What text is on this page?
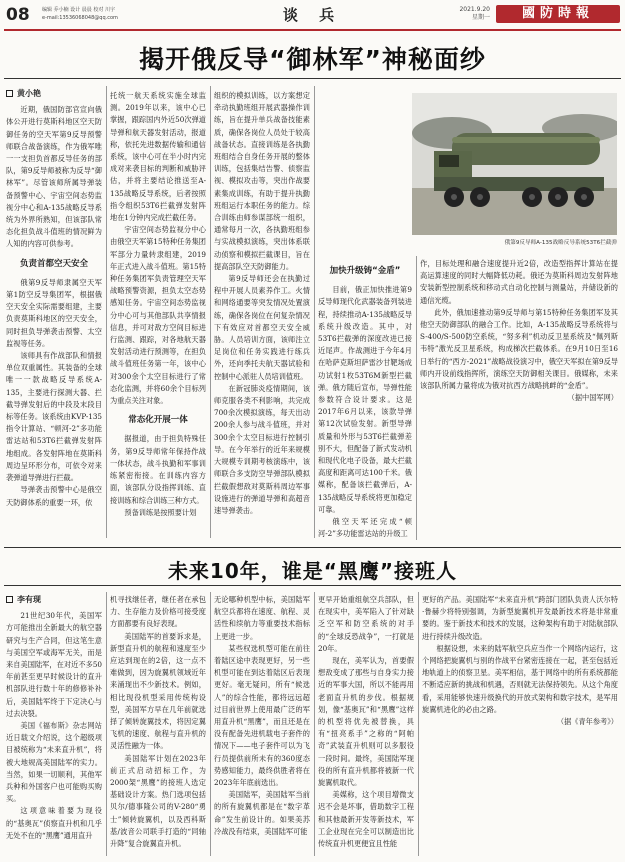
08 编辑 乔小楠 设计 晨晨 校对 川宇
e-mail:13536068048@qq.com	谈 兵	2021.9.20
星期一	國防時報
揭开俄反导“御林军”神秘面纱

黄小艳

近期，俄国防部官宣向俄体公开进行莫斯科地区空天防御任务的空天军第9反导预警师联合战备演练，作为俄军唯一一支担负首都反导任务的部队，第9反导师被称为反导“御林军”。尽管该师所属导弹装备预警中心、宇宙空间态势监视分中心和A-135战略反导系统为外界所熟知，但该部队常态化担负战斗值班的情况鲜为人知的内容可供参考。

负责首都空天安全

俄第9反导师隶属空天军第1防空反导集团军，根据俄空天安全实际需要组建，主要负责莫斯科地区的空天安全，同时担负导弹袭击预警、太空监视等任务。

该师具有作战部队和情报单位双重属性。其装备的全球唯一一款战略反导系统A-135，主要进行探测大器、拦截导弹发射后的中段及末段目标等任务。该系统由KVP-135指令计算站、“顿河-2”多功能雷达站和53T6拦截弹发射阵地组成。各发射阵地在莫斯科周边呈环形分布，可依令对来袭弹道导弹进行拦截。

导弹袭击预警中心是俄空天防御体系的重要一环，依

托统一航天系统实施全球监测。2019年以来，该中心已掌握，跟踪国内外近50次弹道导弹和航天器发射活动，报道称，依托先进数据传输和通信系统，该中心可在半小时内完成对来袭目标的判断和威胁评估，并将主要结论推送至A-135战略反导系统，后者按照指令组织53T6拦截弹发射阵地在1分钟内完成拦截任务。

宇宙空间态势监视分中心由俄空天军第15特种任务集团军部分力量转隶组建，2019年正式进入战斗值班。第15特种任务集团军负责管理空天军战略预警资源，担负太空态势感知任务。宇宙空间态势监视分中心可与其他部队共享情报信息，并可对敌方空间目标进行监测、跟踪，对各地航天器发射活动进行预测等，在担负战斗值班任务第一年，该中心对300余个太空目标进行了常态化监测，并将60余个目标列为重点关注对象。

常态化开展一体

据报道，由于担负特殊任务，第9反导师常年保持作战一体状态，战斗执勤和军事训练紧密衔接。在训练内容方面，该部队分设指挥训练、直接训练和综合训练三种方式。

预备训练是按照要计划

组织的模拟训练，以方案想定牵动执勤班组开展武器操作训练，旨在提升单兵战备技能素质，确保各岗位人员处于较高战备状态。直接训练是各执勤班组结合自身任务开展的整体训练，包括集结告警、侦察监视、模拟攻击等，突出作战要素集成训练，有助于提升执勤班组运行本职任务的能力。综合训练由师参谋部统一组织，通常每月一次，各执勤班组参与实战模拟演练，突出体系联动侦察和模拟拦截课目，旨在提高部队空天防御能力。

第9反导师还会在执勤过程中开展人员素养作工。火情和网络通要等突发情况处置演练，确保各岗位在何复杂情况下有效应对首都空天安全威胁。人员培训方面，该师注立足岗位和任务实践进行练兵外，还向季托夫航天器试验和控制中心派驻人员培训值班。

在新冠肺炎疫情期间，该师克服各类不利影响，共完成700余次模拟演练，每天出动200余人参与战斗值班，并对300余个太空目标进行控制引导。在今年举行的近年来规模大规模专训期考核演练中，该师联合多支防空导弹部队模拟拦截假想敌对莫斯科周边军事设施进行的弹道导弹和高超音速导弹袭击。

俄第9反导师A-135战略反导系统53T6拦截弹

加快升级铸“金盾”

目前，俄正加快推进第9反导师现代化武器装备列装进程，持续推动A-135战略反导系统升级改造。其中，对53T6拦截弹的深度改进已接近尾声。作战测进于今年4月在哈萨克斯坦萨雷沙甘靶场成功试射1枚53T6M新型拦截弹。俄方随后宣布，导弹性能参数符合设计要求。这是2017年6月以来，该款导弹第12次试验发射。新型导弹质量和外形与53T6拦截弹差别不大，但配备了新式发动机和现代化电子设备，最大拦截高度和距离可达100千米。俄媒称，配备该拦截弹后，A-135战略反导系统将更加稳定可靠。

俄空天军还完成“顿河-2”多功能雷达站的升级工

作，目标处理和融合速度提升近2倍，改造型指挥计算站在提高运算速度的同时大幅降低功耗。俄还为莫斯科周边发射阵地安装新型控制系统和移动式自动化控制与测量站，并储设新的通信光缆。

此外，俄加速推动第9反导师与第15特种任务集团军及其他空天防御部队的融合工作。比如，A-135战略反导系统将与S-400/S-500防空系统，“努多利”机动反卫星系统及“佩列斯韦特”激光反卫星系统，构成梯次拦截体系。在9月10日至16日举行的“西方-2021”战略战役演习中，俄空天军拟在第9反导师内开设前线指挥所，演练空天防御相关课目。俄媒称，未来该部队所属力量将成为俄对抗西方战略挑衅的“金盾”。

（据中国军网）

未来10年，谁是“黑鹰”接班人

李有现

21世纪30年代，美国军方可能推出全新最大的航空器研究与生产合同，但这笔生意与美国空军或海军无关，而是来自美国陆军，在对近不多50年前甚至更早时候设计的直升机部队进行数十年的修修补补后，美国陆军终于下定决心与过去决裂。

美国《福布斯》杂志网站近日载文介绍说，这个超级项目被统称为“未来直升机”，将被大地规高美国陆军的实力。当然，如果一切顺利，其他军兵种和外国客户也可能购买购买。

这项意味着要为现役的“基奥瓦”侦察直升机和几乎无处不在的“黑鹰”通用直升

机寻找继任者，继任者在承包力、生存能力及价格可接受度方面都要有良好表现。

美国陆军的首要诉求是，新型直升机的航程和速度至少应达到现在的2倍，这一点不难做到，因为旋翼机领域近年来涌现出不少新技术。例如，相比现役机型采用传统构设型，美国军方早在几年前就选择了倾转旋翼技术，将因定翼飞机的速度、航程与直升机的灵活性融为一体。

美国陆军计划在2023年前正式启动招标工作，为2000架“黑鹰”的接班人选定基础设计方案。热门选项包括贝尔/德事隆公司的V-280“勇士”倾转旋翼机，以及西科斯基/波音公司联手打造的“同轴升降”复合旋翼直升机。

无论哪种机型中标，美国陆军航空兵都将在速度、航程、灵活性和续航力等重要技术指标上更进一步。

某些权选机型可能在前往着陆区途中表现更好，另一些机型可能在到达着陆区后表现更好。毫无疑问，所有“候选人”的综合性能，都将远远超过目前世界上使用最广泛的军用直升机“黑鹰”，而且还是在没有配备先进机载电子套件的情况下——电子套件可以为飞行员提供前所未有的360度态势感知能力，最终供胜者将在2023年年底前选出。

美国陆军，美国陆军当前的所有旋翼机都是在“数字革命”发生前设计的。如果美苏冷战没有结束，美国陆军可能

更早开始重组航空兵部队，但在现实中，美军陷入了针对缺乏空军和防空系统的对手的“全球反恐战争”，一打就是20年。

现在，美军认为，首要假想敌变成了那些与自身实力接近的军事大国，所以不能再用老面直升机的步伐。根据规划，像“基奥瓦”和“黑鹰”这样的机型将优先被替换，具有“扭亮系手”之称的“阿帕奇”武装直升机则可以多服役一段时间。最终，美国陆军现役的所有直升机都将被新一代旋翼机取代。

美媒称，这个项目增微支迟不会是坏事，借助数字工程和其他最新开发等新技术，军工企业现在完全可以制造出比传统直升机更便宜且性能

更好的产品。美国陆军“未来直升机”跨部门团队负责人沃尔特·鲁赫少将特别强调，为新型旋翼机开发最新技术将是非常重要的。鉴于新技术和技术的发展，这种架构有助于对陆航部队进行持续升级改造。

根据设想，未来的陆军航空兵应当作一个网络内运行，这个网络把旋翼机与别的作战平台紧密连接在一起，甚至包括近地轨道上的侦察卫星。美军相信，基于网络中的所有系统都能不断适应新的挑战和机遇，否则就无法保持领先。从这个角度看，采用能够快速升级换代的开放式架构和数字技术，是军用旋翼机进化的必由之路。

（据《青年参考》）
